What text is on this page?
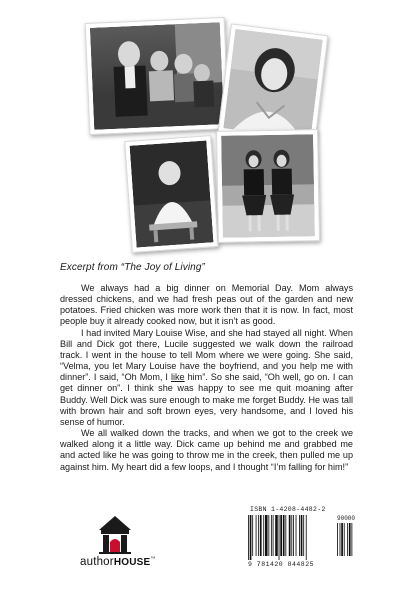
Excerpt from “The Joy of Living”

We always had a big dinner on Memorial Day. Mom always dressed chickens, and we had fresh peas out of the garden and new potatoes. Fried chicken was more work then that it is now. In fact, most people buy it already cooked now, but it isn’t as good.

I had invited Mary Louise Wise, and she had stayed all night. When Bill and Dick got there, Lucile suggested we walk down the railroad track. I went in the house to tell Mom where we were going. She said, “Velma, you let Mary Louise have the boyfriend, and you help me with dinner”. I said, “Oh Mom, I like him”. So she said, “Oh well, go on. I can get dinner on”. I think she was happy to see me quit moaning after Buddy. Well Dick was sure enough to make me forget Buddy. He was tall with brown hair and soft brown eyes, very handsome, and I loved his sense of humor.

We all walked down the tracks, and when we got to the creek we walked along it a little way. Dick came up behind me and grabbed me and acted like he was going to throw me in the creek, then pulled me up against him. My heart did a few loops, and I thought “I’m falling for him!”

authorHOUSE™
ISBN 1-4208-4482-2
90000
9 781420 844825
